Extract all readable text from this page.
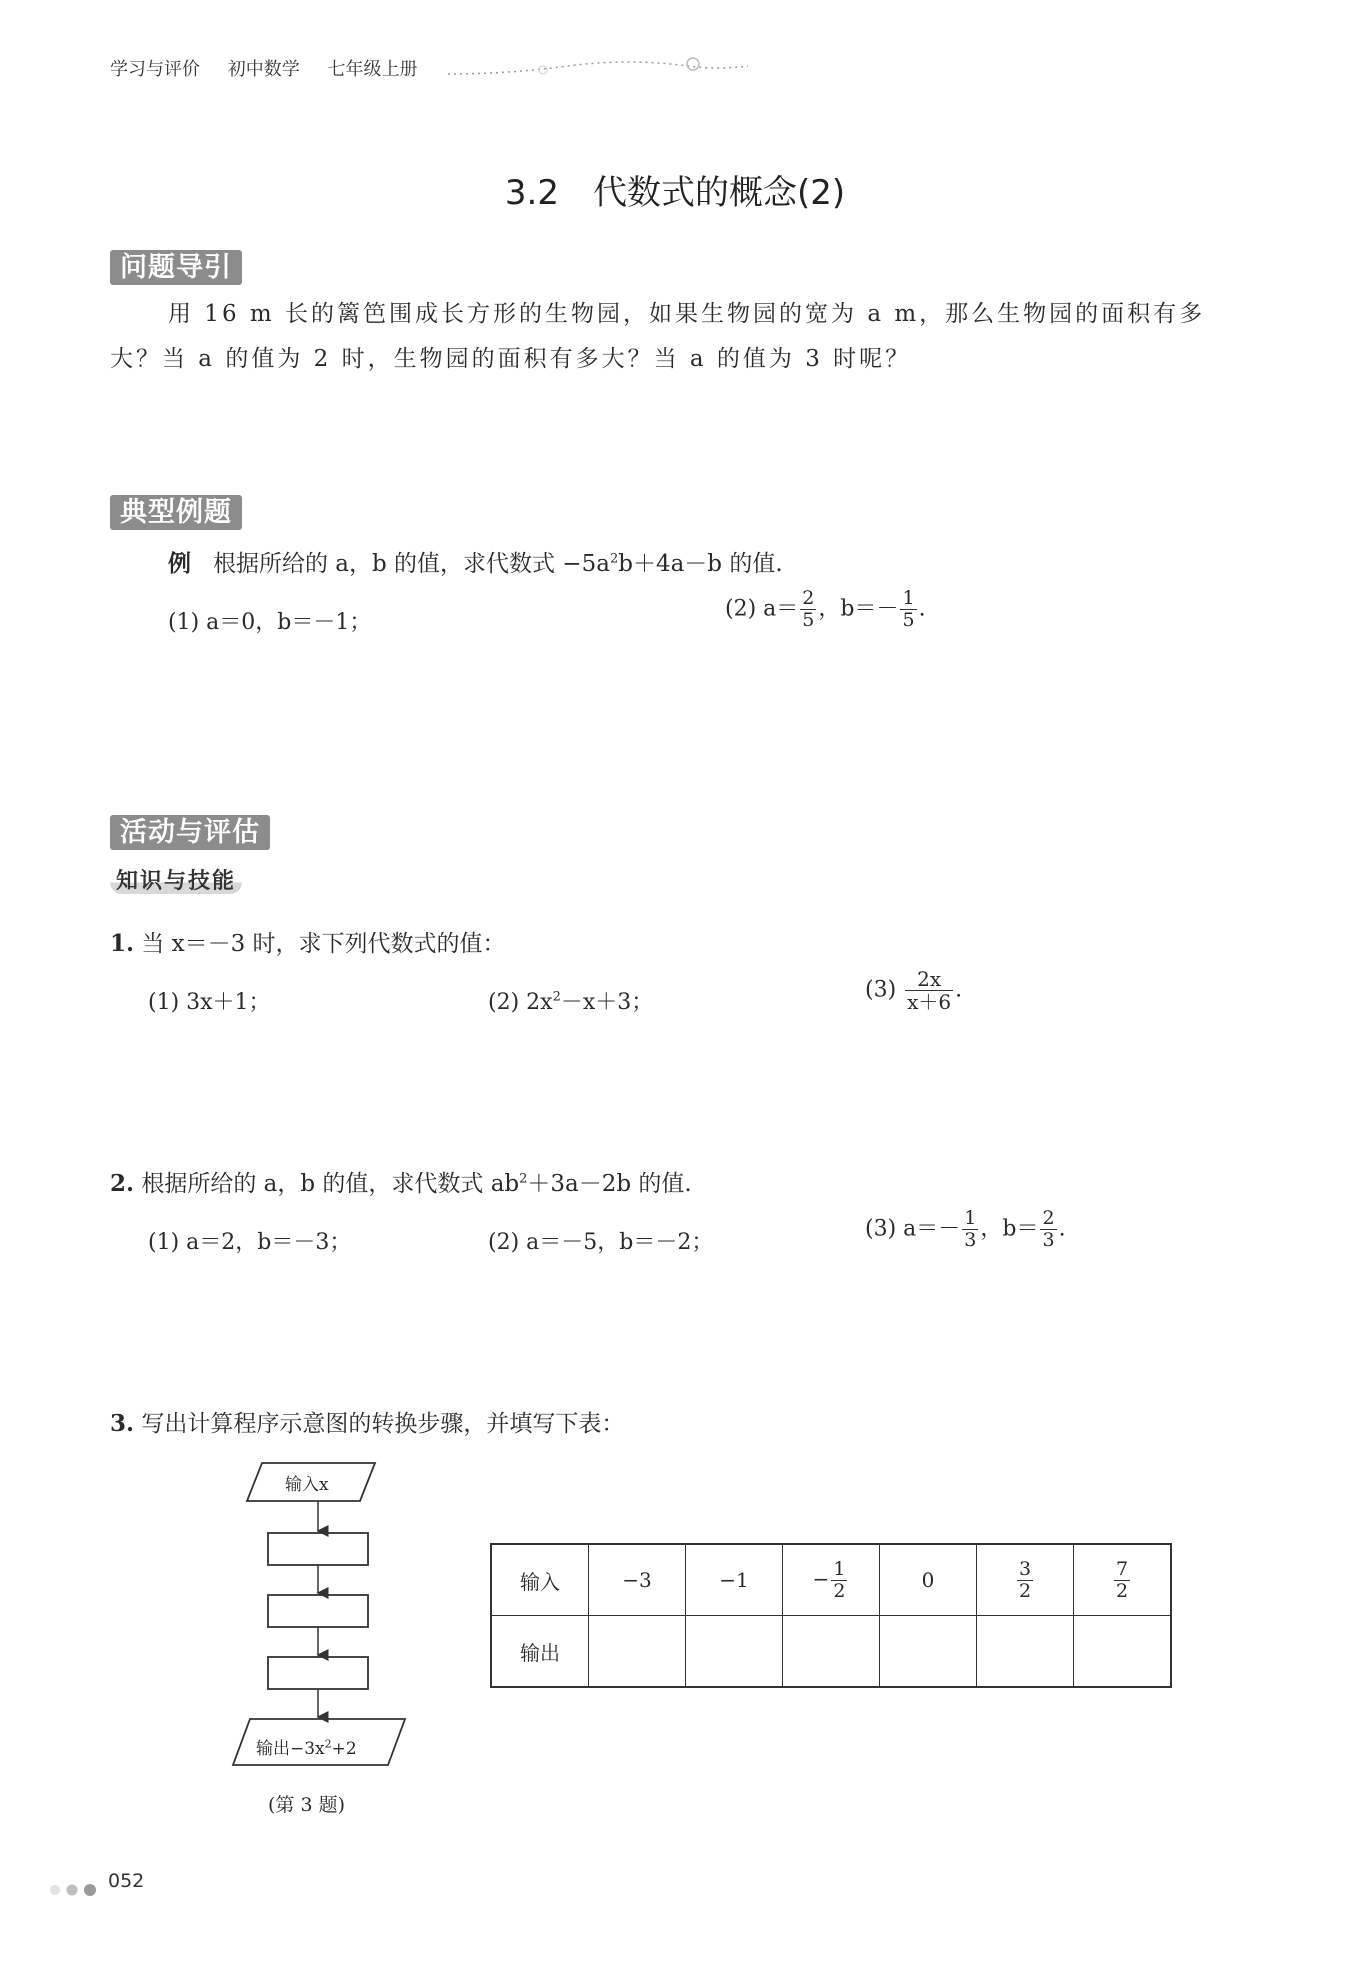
学习与评价 初中数学 七年级上册
3.2　代数式的概念(2)
问题导引
用 16 m 长的篱笆围成长方形的生物园，如果生物园的宽为 a m，那么生物园的面积有多
大？当 a 的值为 2 时，生物园的面积有多大？当 a 的值为 3 时呢？
典型例题
例 根据所给的 a，b 的值，求代数式 $-5a^2b+4a-b$ 的值.
(1) a＝0，b＝－1；
(2) $a= \frac{2}{5}$ ，$b=- \frac{1}{5}$ .
活动与评估
知识与技能
1. 当 x＝－3 时，求下列代数式的值：
(1) 3x＋1；	(2) $2x^2-x+3$；	$(3) \frac{2x}{x+6}$ .
2. 根据所给的 a，b 的值，求代数式 $ab^2+3a-2b$ 的值.
(1) a＝2，b＝－3；	(2) a＝－5，b＝－2；
(3) $a=- \frac{1}{3}$ ，$b= \frac{2}{3}$ .
3. 写出计算程序示意图的转换步骤，并填写下表：
输入x
输出$-3x^2+2$
(第 3 题)
输入	−3	−1	− $\frac{1}{2}$	0	$\frac{3}{2}$	$\frac{7}{2}$

输出						
052
